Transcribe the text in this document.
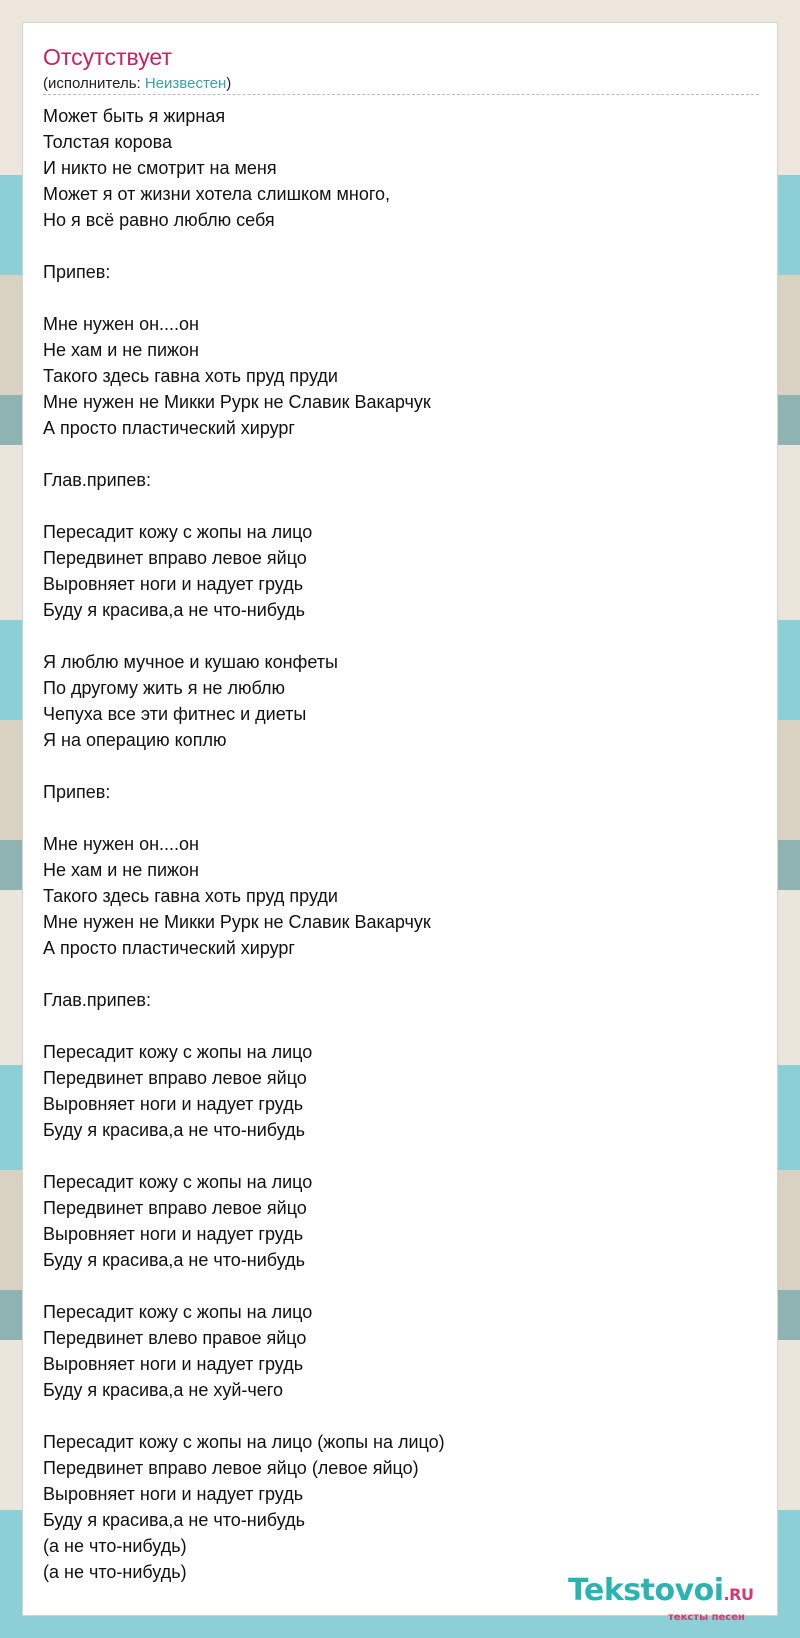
Отсутствует
(исполнитель: Неизвестен)
Может быть я жирная
Толстая корова
И никто не смотрит на меня
Может я от жизни хотела слишком много,
Но я всё равно люблю себя
Припев:
Мне нужен он....он
Не хам и не пижон
Такого здесь гавна хоть пруд пруди
Мне нужен не Микки Рурк не Славик Вакарчук
А просто пластический хирург
Глав.припев:
Пересадит кожу с жопы на лицо
Передвинет вправо левое яйцо
Выровняет ноги и надует грудь
Буду я красива,а не что-нибудь
Я люблю мучное и кушаю конфеты
По другому жить я не люблю
Чепуха все эти фитнес и диеты
Я на операцию коплю
Припев:
Мне нужен он....он
Не хам и не пижон
Такого здесь гавна хоть пруд пруди
Мне нужен не Микки Рурк не Славик Вакарчук
А просто пластический хирург
Глав.припев:
Пересадит кожу с жопы на лицо
Передвинет вправо левое яйцо
Выровняет ноги и надует грудь
Буду я красива,а не что-нибудь
Пересадит кожу с жопы на лицо
Передвинет вправо левое яйцо
Выровняет ноги и надует грудь
Буду я красива,а не что-нибудь
Пересадит кожу с жопы на лицо
Передвинет влево правое яйцо
Выровняет ноги и надует грудь
Буду я красива,а не хуй-чего
Пересадит кожу с жопы на лицо (жопы на лицо)
Передвинет вправо левое яйцо (левое яйцо)
Выровняет ноги и надует грудь
Буду я красива,а не что-нибудь
(а не что-нибудь)
(а не что-нибудь)
Tekstovoi.RU
тексты песен
